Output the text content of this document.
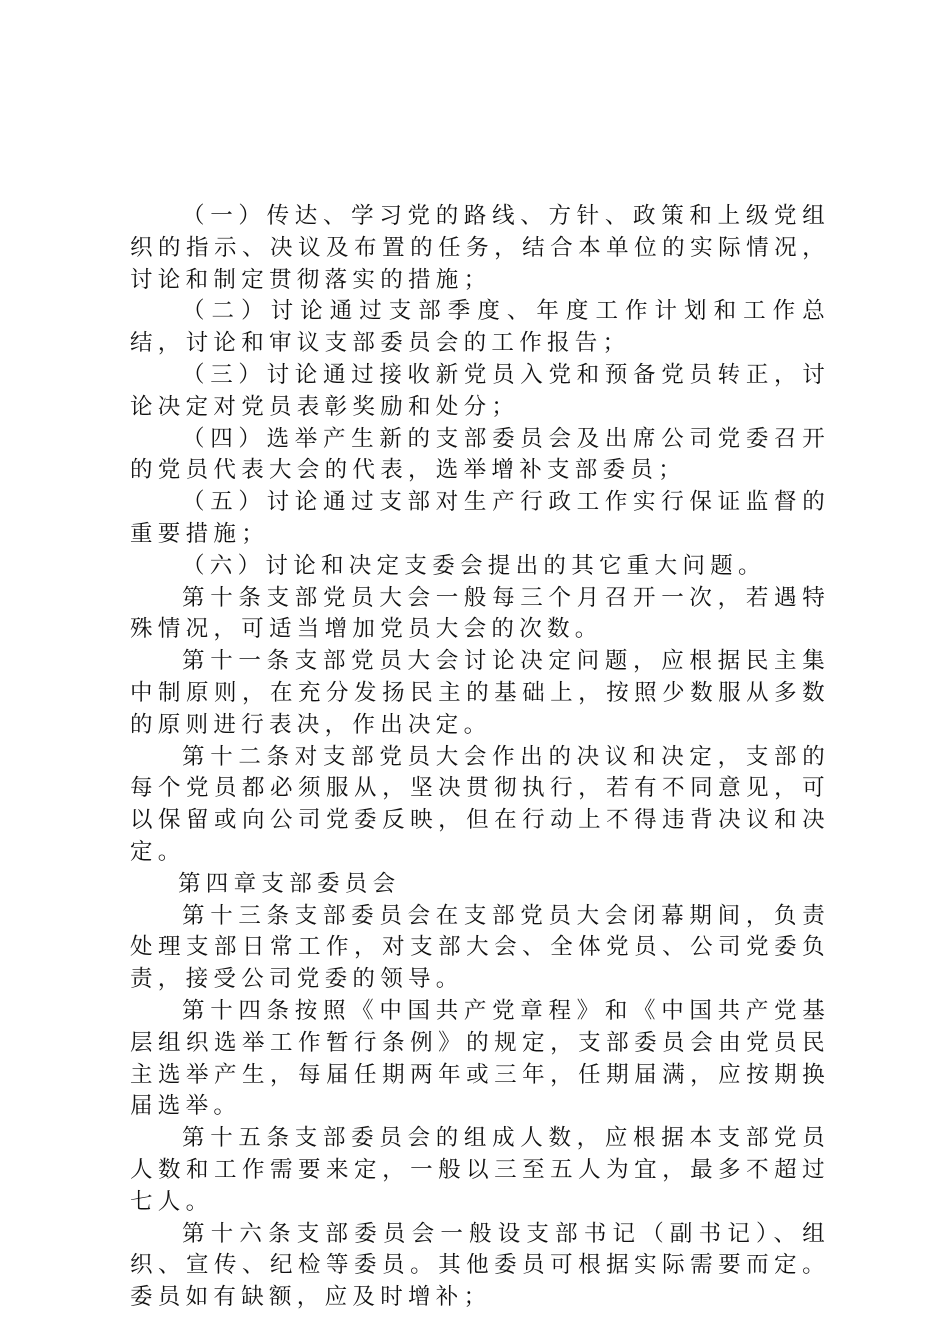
（一）传达、学习党的路线、方针、政策和上级党组织的指示、决议及布置的任务，结合本单位的实际情况，讨论和制定贯彻落实的措施；

（二）讨论通过支部季度、年度工作计划和工作总结，讨论和审议支部委员会的工作报告；

（三）讨论通过接收新党员入党和预备党员转正，讨论决定对党员表彰奖励和处分；

（四）选举产生新的支部委员会及出席公司党委召开的党员代表大会的代表，选举增补支部委员；

（五）讨论通过支部对生产行政工作实行保证监督的重要措施；

（六）讨论和决定支委会提出的其它重大问题。

第十条支部党员大会一般每三个月召开一次，若遇特殊情况，可适当增加党员大会的次数。

第十一条支部党员大会讨论决定问题，应根据民主集中制原则，在充分发扬民主的基础上，按照少数服从多数的原则进行表决，作出决定。

第十二条对支部党员大会作出的决议和决定，支部的每个党员都必须服从，坚决贯彻执行，若有不同意见，可以保留或向公司党委反映，但在行动上不得违背决议和决定。

第四章支部委员会

第十三条支部委员会在支部党员大会闭幕期间，负责处理支部日常工作，对支部大会、全体党员、公司党委负责，接受公司党委的领导。

第十四条按照《中国共产党章程》和《中国共产党基层组织选举工作暂行条例》的规定，支部委员会由党员民主选举产生，每届任期两年或三年，任期届满，应按期换届选举。

第十五条支部委员会的组成人数，应根据本支部党员人数和工作需要来定，一般以三至五人为宜，最多不超过七人。

第十六条支部委员会一般设支部书记（副书记）、组织、宣传、纪检等委员。其他委员可根据实际需要而定。委员如有缺额，应及时增补；
